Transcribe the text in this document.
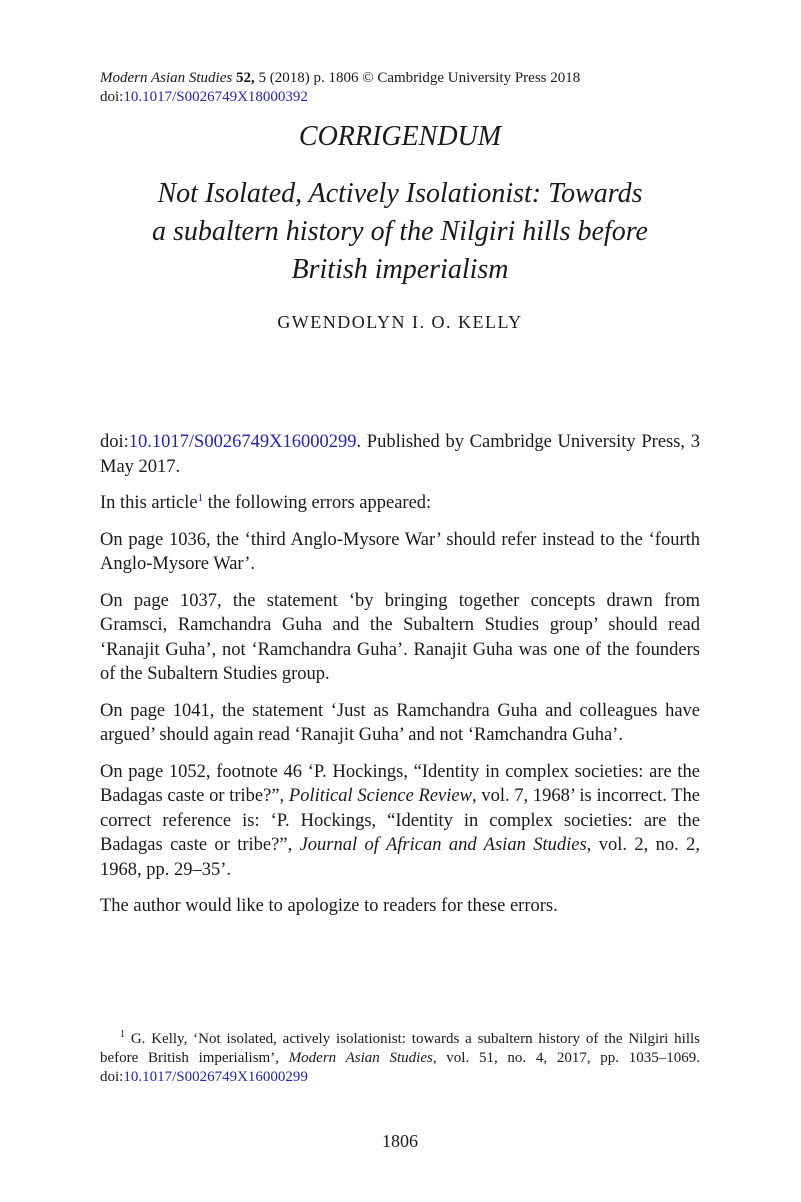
Modern Asian Studies 52, 5 (2018) p. 1806 © Cambridge University Press 2018
doi:10.1017/S0026749X18000392
CORRIGENDUM
Not Isolated, Actively Isolationist: Towards
a subaltern history of the Nilgiri hills before
British imperialism
GWENDOLYN I. O. KELLY

doi:10.1017/S0026749X16000299. Published by Cambridge University Press, 3 May 2017.

In this article$^1$ the following errors appeared:

On page 1036, the ‘third Anglo-Mysore War’ should refer instead to the ‘fourth Anglo-Mysore War’.

On page 1037, the statement ‘by bringing together concepts drawn from Gramsci, Ramchandra Guha and the Subaltern Studies group’ should read ‘Ranajit Guha’, not ‘Ramchandra Guha’. Ranajit Guha was one of the founders of the Subaltern Studies group.

On page 1041, the statement ‘Just as Ramchandra Guha and colleagues have argued’ should again read ‘Ranajit Guha’ and not ‘Ramchandra Guha’.

On page 1052, footnote 46 ‘P. Hockings, “Identity in complex societies: are the Badagas caste or tribe?”, Political Science Review, vol. 7, 1968’ is incorrect. The correct reference is: ‘P. Hockings, “Identity in complex societies: are the Badagas caste or tribe?”, Journal of African and Asian Studies, vol. 2, no. 2, 1968, pp. 29–35’.

The author would like to apologize to readers for these errors.

$^1$ G. Kelly, ‘Not isolated, actively isolationist: towards a subaltern history of the Nilgiri hills before British imperialism’, Modern Asian Studies, vol. 51, no. 4, 2017, pp. 1035–1069. doi:10.1017/S0026749X16000299
1806
